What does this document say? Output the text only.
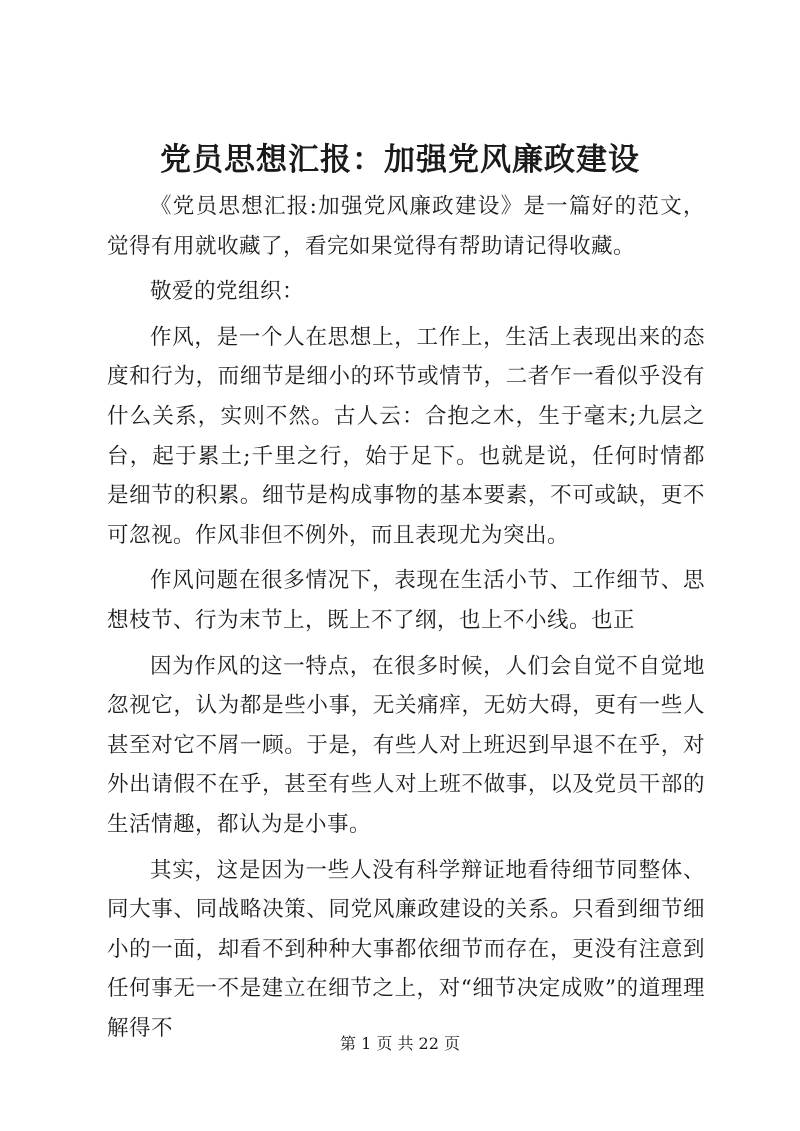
党员思想汇报：加强党风廉政建设

《党员思想汇报:加强党风廉政建设》是一篇好的范文，觉得有用就收藏了，看完如果觉得有帮助请记得收藏。

敬爱的党组织：

作风，是一个人在思想上，工作上，生活上表现出来的态度和行为，而细节是细小的环节或情节，二者乍一看似乎没有什么关系，实则不然。古人云：合抱之木，生于毫末;九层之台，起于累土;千里之行，始于足下。也就是说，任何时情都是细节的积累。细节是构成事物的基本要素，不可或缺，更不可忽视。作风非但不例外，而且表现尤为突出。

作风问题在很多情况下，表现在生活小节、工作细节、思想枝节、行为末节上，既上不了纲，也上不小线。也正

因为作风的这一特点，在很多时候，人们会自觉不自觉地忽视它，认为都是些小事，无关痛痒，无妨大碍，更有一些人甚至对它不屑一顾。于是，有些人对上班迟到早退不在乎，对外出请假不在乎，甚至有些人对上班不做事，以及党员干部的生活情趣，都认为是小事。

其实，这是因为一些人没有科学辩证地看待细节同整体、同大事、同战略决策、同党风廉政建设的关系。只看到细节细小的一面，却看不到种种大事都依细节而存在，更没有注意到任何事无一不是建立在细节之上，对“细节决定成败”的道理理解得不

第 1 页 共 22 页
